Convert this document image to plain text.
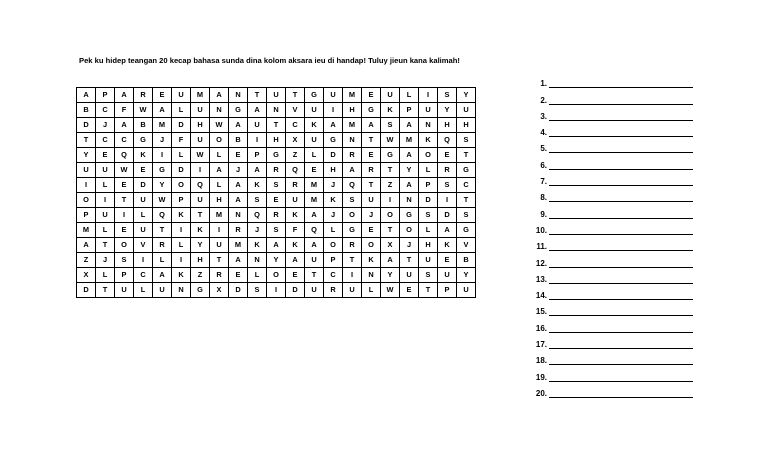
Pek ku hidep teangan 20 kecap bahasa sunda dina kolom aksara ieu di handap! Tuluy jieun kana kalimah!
A	P	A	R	E	U	M	A	N	T	U	T	G	U	M	E	U	L	I	S	Y
B	C	F	W	A	L	U	N	G	A	N	V	U	I	H	G	K	P	U	Y	U
D	J	A	B	M	D	H	W	A	U	T	C	K	A	M	A	S	A	N	H	H
T	C	C	G	J	F	U	O	B	I	H	X	U	G	N	T	W	M	K	Q	S
Y	E	Q	K	I	L	W	L	E	P	G	Z	L	D	R	E	G	A	O	E	T
U	U	W	E	G	D	I	A	J	A	R	Q	E	H	A	R	T	Y	L	R	G
I	L	E	D	Y	O	Q	L	A	K	S	R	M	J	Q	T	Z	A	P	S	C
O	I	T	U	W	P	U	H	A	S	E	U	M	K	S	U	I	N	D	I	T
P	U	I	L	Q	K	T	M	N	Q	R	K	A	J	O	J	O	G	S	D	S
M	L	E	U	T	I	K	I	R	J	S	F	Q	L	G	E	T	O	L	A	G
A	T	O	V	R	L	Y	U	M	K	A	K	A	O	R	O	X	J	H	K	V
Z	J	S	I	L	I	H	T	A	N	Y	A	U	P	T	K	A	T	U	E	B
X	L	P	C	A	K	Z	R	E	L	O	E	T	C	I	N	Y	U	S	U	Y
D	T	U	L	U	N	G	X	D	S	I	D	U	R	U	L	W	E	T	P	U
1.
2.
3.
4.
5.
6.
7.
8.
9.
10.
11.
12.
13.
14.
15.
16.
17.
18.
19.
20.
